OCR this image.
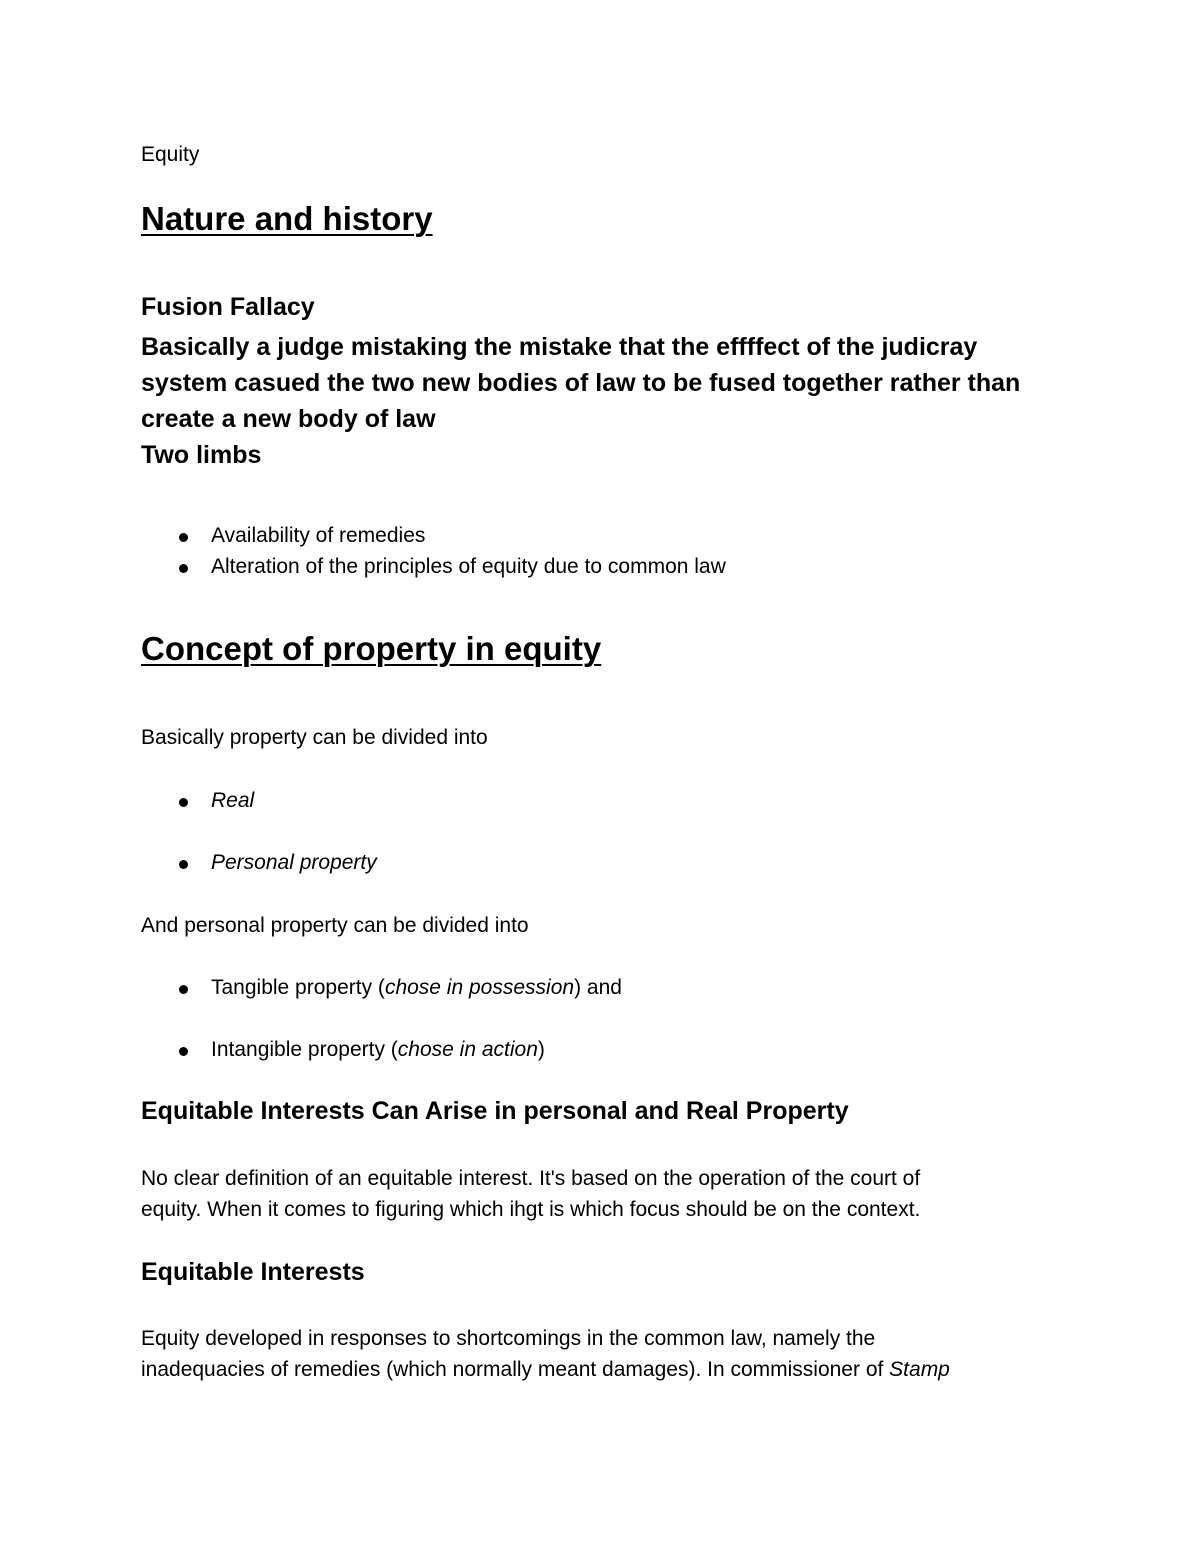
Equity
Nature and history
Fusion Fallacy
Basically a judge mistaking the mistake that the effffect of the judicray
system casued the two new bodies of law to be fused together rather than
create a new body of law
Two limbs
Availability of remedies
Alteration of the principles of equity due to common law
Concept of property in equity
Basically property can be divided into
Real
Personal property
And personal property can be divided into
Tangible property (chose in possession) and
Intangible property (chose in action)
Equitable Interests Can Arise in personal and Real Property
No clear definition of an equitable interest. It's based on the operation of the court of
equity. When it comes to figuring which ihgt is which focus should be on the context.
Equitable Interests
Equity developed in responses to shortcomings in the common law, namely the
inadequacies of remedies (which normally meant damages). In commissioner of Stamp
